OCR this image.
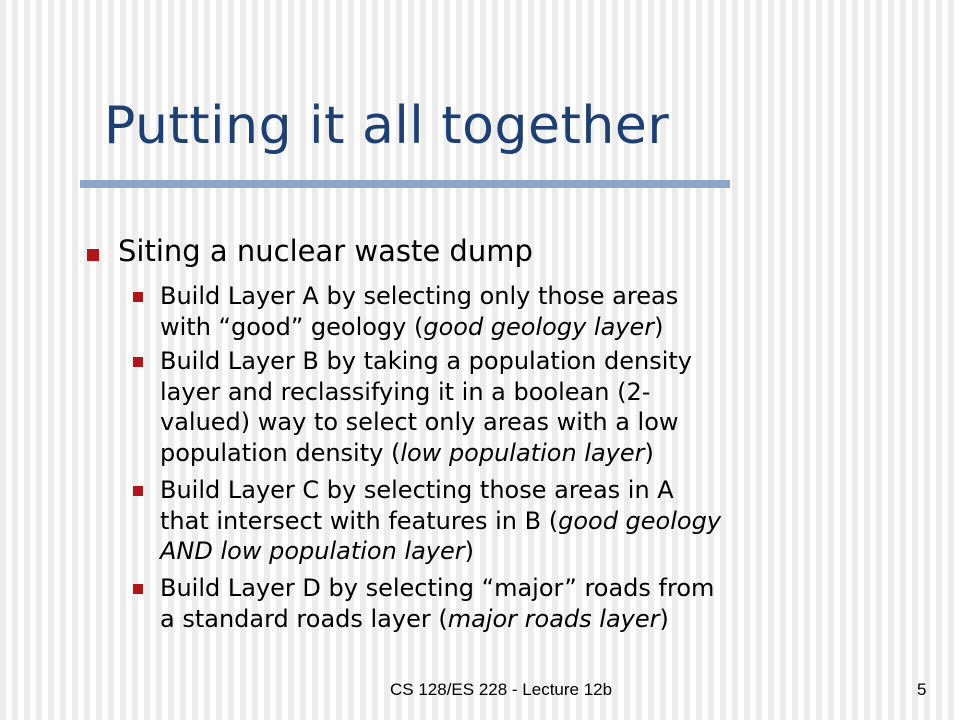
Putting it all together
Siting a nuclear waste dump
Build Layer A by selecting only those areas
with “good” geology (good geology layer)
Build Layer B by taking a population density
layer and reclassifying it in a boolean (2-
valued) way to select only areas with a low
population density (low population layer)
Build Layer C by selecting those areas in A
that intersect with features in B (good geology
AND low population layer)
Build Layer D by selecting “major” roads from
a standard roads layer (major roads layer)
CS 128/ES 228 - Lecture 12b	5
